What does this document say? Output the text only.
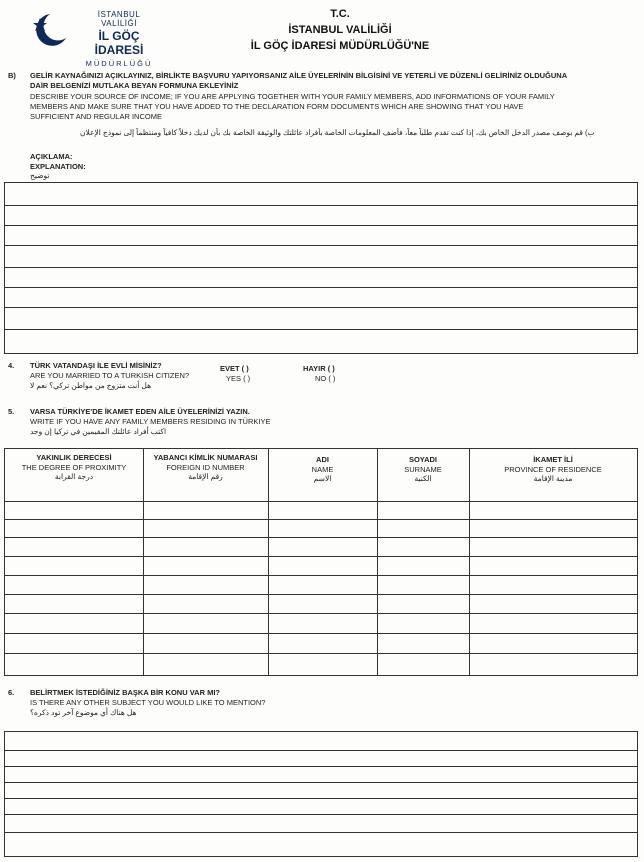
İSTANBUL VALİLİĞİ
İL GÖÇ İDARESİ
MÜDÜRLÜĞÜ
T.C.
İSTANBUL VALİLİĞİ
İL GÖÇ İDARESİ MÜDÜRLÜĞÜ'NE
B) GELİR KAYNAĞINIZI AÇIKLAYINIZ, BİRLİKTE BAŞVURU YAPIYORSANIZ AİLE ÜYELERİNİN BİLGİSİNİ VE YETERLİ VE DÜZENLİ GELİRİNİZ OLDUĞUNA
DAİR BELGENİZİ MUTLAKA BEYAN FORMUNA EKLEYİNİZ
DESCRIBE YOUR SOURCE OF INCOME; IF YOU ARE APPLYING TOGETHER WITH YOUR FAMILY MEMBERS, ADD INFORMATIONS OF YOUR FAMILY
MEMBERS AND MAKE SURE THAT YOU HAVE ADDED TO THE DECLARATION FORM DOCUMENTS WHICH ARE SHOWING THAT YOU HAVE
SUFFICIENT AND REGULAR INCOME
ب) قم بوصف مصدر الدخل الخاص بك، إذا كنت تقدم طلباً معاً، فأضف المعلومات الخاصة بأفراد عائلتك والوثيقة الخاصة بك بأن لديك دخلاً كافياً ومنتظماً إلى نموذج الإعلان
AÇIKLAMA:
EXPLANATION:
توضيح
4. TÜRK VATANDAŞI İLE EVLİ MİSİNİZ?
ARE YOU MARRIED TO A TURKISH CITIZEN?
هل أنت متزوج من مواطن تركي؟ نعم لا
EVET ( )
YES ( )
HAYIR ( )
NO ( )
5. VARSA TÜRKİYE'DE İKAMET EDEN AİLE ÜYELERİNİZİ YAZIN.
WRITE IF YOU HAVE ANY FAMILY MEMBERS RESIDING IN TÜRKIYE
اكتب أفراد عائلتك المقيمين في تركيا إن وجد
YAKINLIK DERECESİ
THE DEGREE OF PROXIMITY
درجة القرابة
YABANCI KİMLİK NUMARASI
FOREIGN ID NUMBER
رقم الإقامة
ADI
NAME
الاسم
SOYADI
SURNAME
الكنية
İKAMET İLİ
PROVINCE OF RESIDENCE
مدينة الإقامة
6. BELİRTMEK İSTEDİĞİNİZ BAŞKA BİR KONU VAR MI?
IS THERE ANY OTHER SUBJECT YOU WOULD LIKE TO MENTION?
هل هناك أي موضوع آخر تود ذكره؟
